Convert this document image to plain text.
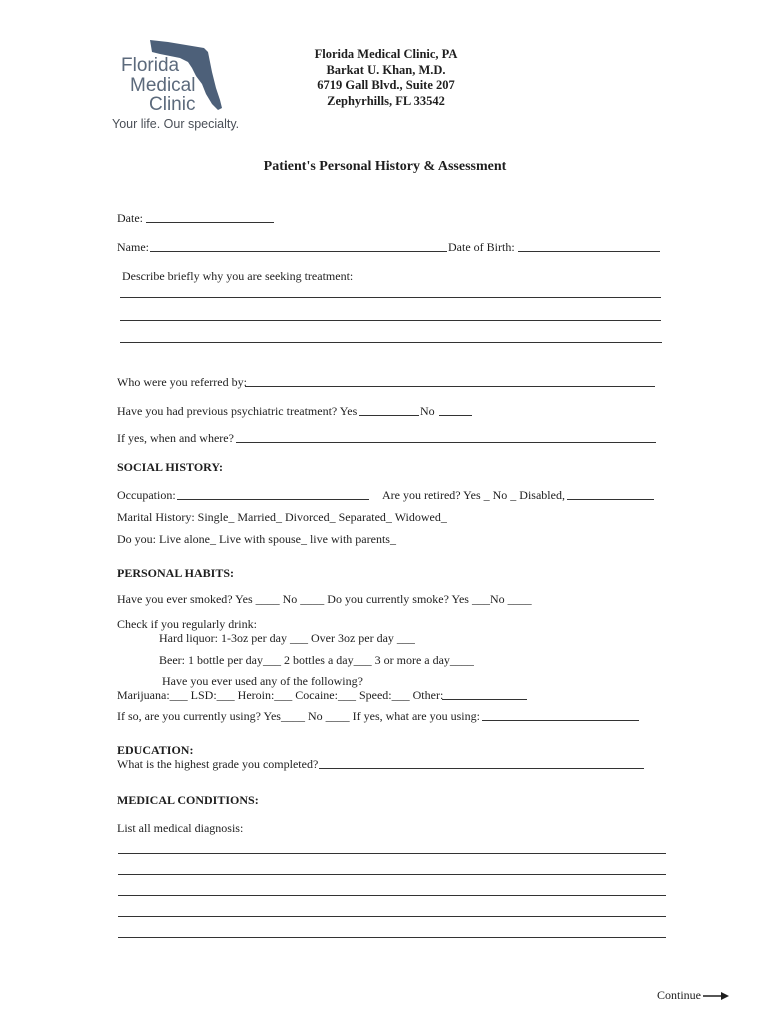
Florida
Medical
Clinic
Your life. Our specialty.
Florida Medical Clinic, PA
Barkat U. Khan, M.D.
6719 Gall Blvd., Suite 207
Zephyrhills, FL 33542
Patient's Personal History & Assessment
Date:
Name:	Date of Birth:
Describe briefly why you are seeking treatment:
Who were you referred by:
Have you had previous psychiatric treatment? Yes	No
If yes, when and where?
SOCIAL HISTORY:
Occupation:	Are you retired? Yes _ No _ Disabled,
Marital History: Single_ Married_ Divorced_ Separated_ Widowed_
Do you: Live alone_ Live with spouse_ live with parents_
PERSONAL HABITS:
Have you ever smoked? Yes ____ No ____ Do you currently smoke? Yes ___No ____
Check if you regularly drink:
Hard liquor: 1-3oz per day ___ Over 3oz per day ___
Beer: 1 bottle per day___ 2 bottles a day___ 3 or more a day____
Have you ever used any of the following?
Marijuana:___ LSD:___ Heroin:___ Cocaine:___ Speed:___ Other:
If so, are you currently using? Yes____ No ____ If yes, what are you using:
EDUCATION:
What is the highest grade you completed?
MEDICAL CONDITIONS:
List all medical diagnosis:
Continue
